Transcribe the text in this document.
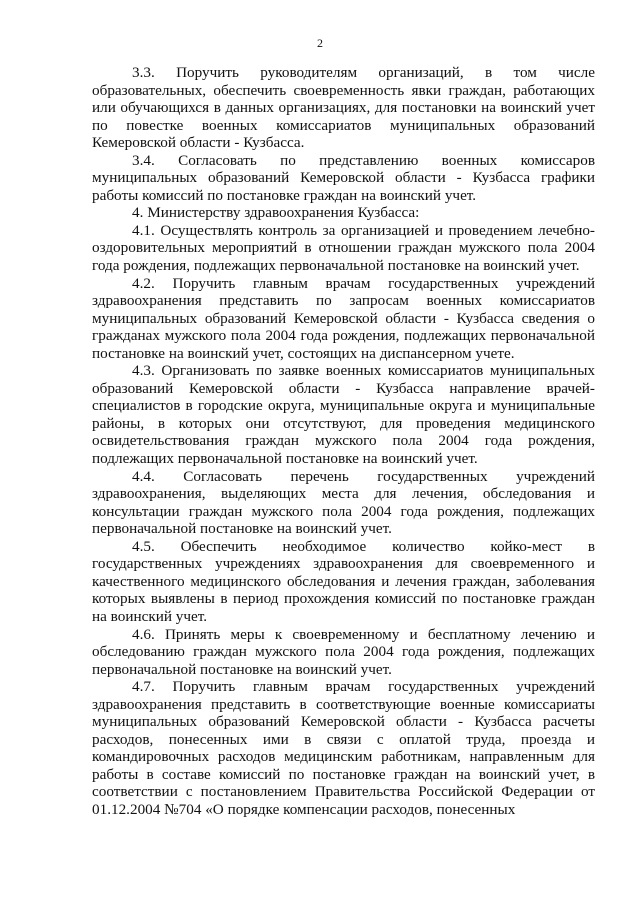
2

3.3. Поручить руководителям организаций, в том числе образовательных, обеспечить своевременность явки граждан, работающих или обучающихся в данных организациях, для постановки на воинский учет по повестке военных комиссариатов муниципальных образований Кемеровской области - Кузбасса.

3.4. Согласовать по представлению военных комиссаров муниципальных образований Кемеровской области - Кузбасса графики работы комиссий по постановке граждан на воинский учет.

4. Министерству здравоохранения Кузбасса:

4.1. Осуществлять контроль за организацией и проведением лечебно-оздоровительных мероприятий в отношении граждан мужского пола 2004 года рождения, подлежащих первоначальной постановке на воинский учет.

4.2. Поручить главным врачам государственных учреждений здравоохранения представить по запросам военных комиссариатов муниципальных образований Кемеровской области - Кузбасса сведения о гражданах мужского пола 2004 года рождения, подлежащих первоначальной постановке на воинский учет, состоящих на диспансерном учете.

4.3. Организовать по заявке военных комиссариатов муниципальных образований Кемеровской области - Кузбасса направление врачей-специалистов в городские округа, муниципальные округа и муниципальные районы, в которых они отсутствуют, для проведения медицинского освидетельствования граждан мужского пола 2004 года рождения, подлежащих первоначальной постановке на воинский учет.

4.4. Согласовать перечень государственных учреждений здравоохранения, выделяющих места для лечения, обследования и консультации граждан мужского пола 2004 года рождения, подлежащих первоначальной постановке на воинский учет.

4.5. Обеспечить необходимое количество койко-мест в государственных учреждениях здравоохранения для своевременного и качественного медицинского обследования и лечения граждан, заболевания которых выявлены в период прохождения комиссий по постановке граждан на воинский учет.

4.6. Принять меры к своевременному и бесплатному лечению и обследованию граждан мужского пола 2004 года рождения, подлежащих первоначальной постановке на воинский учет.

4.7. Поручить главным врачам государственных учреждений здравоохранения представить в соответствующие военные комиссариаты муниципальных образований Кемеровской области - Кузбасса расчеты расходов, понесенных ими в связи с оплатой труда, проезда и командировочных расходов медицинским работникам, направленным для работы в составе комиссий по постановке граждан на воинский учет, в соответствии с постановлением Правительства Российской Федерации от 01.12.2004 №704 «О порядке компенсации расходов, понесенных
